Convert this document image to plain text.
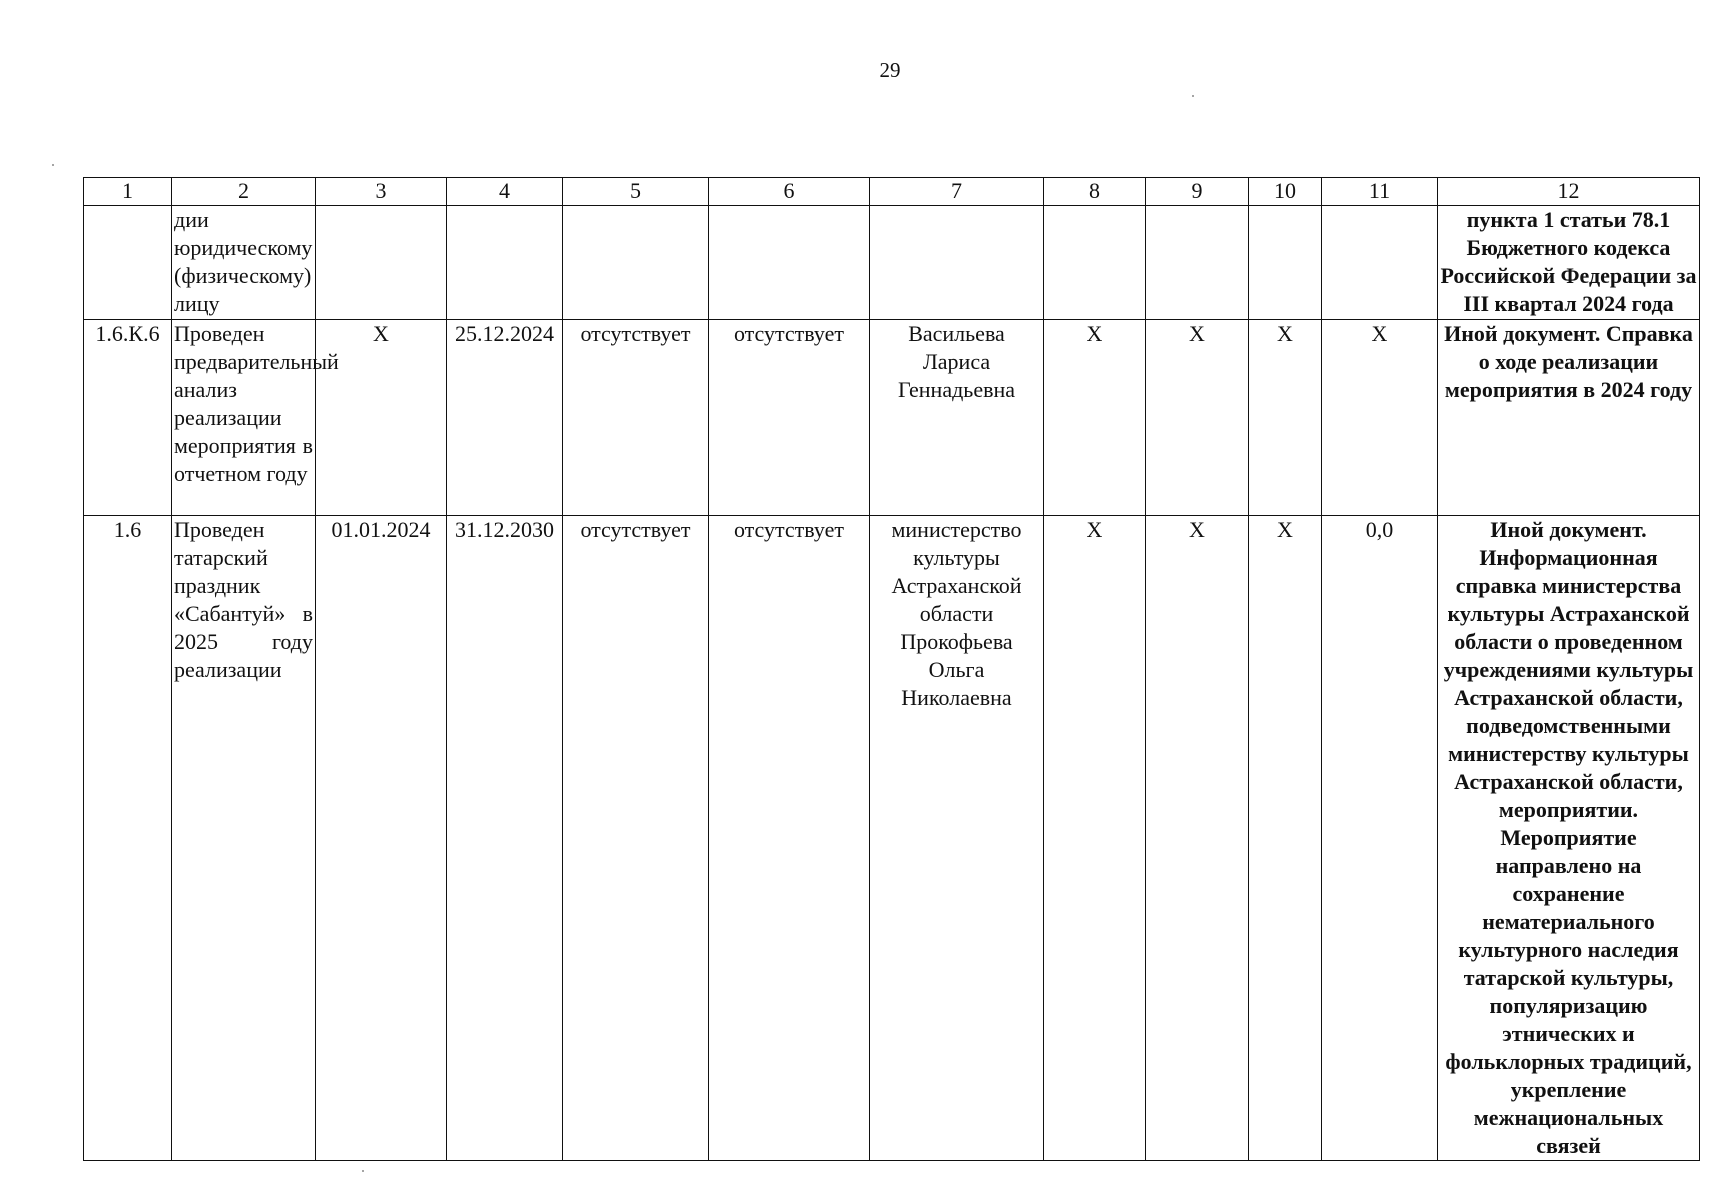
29
1	2	3	4	5	6	7	8	9	10	11	12
	дии юридическому (физическому) лицу										пункта 1 статьи 78.1 Бюджетного кодекса Российской Федерации за III квартал 2024 года
1.6.К.6	Проведен предварительный анализ реализации мероприятия в отчетном году	X	25.12.2024	отсутствует	отсутствует	Васильева Лариса Геннадьевна	X	X	X	X	Иной документ. Справка о ходе реализации мероприятия в 2024 году
1.6	Проведен татарский праздник «Сабантуй» в 2025 году реализации	01.01.2024	31.12.2030	отсутствует	отсутствует	министерство культуры Астраханской области Прокофьева Ольга Николаевна	X	X	X	0,0	Иной документ. Информационная справка министерства культуры Астраханской области о проведенном учреждениями культуры Астраханской области, подведомственными министерству культуры Астраханской области, мероприятии. Мероприятие направлено на сохранение нематериального культурного наследия татарской культуры, популяризацию этнических и фольклорных традиций, укрепление межнациональных связей
